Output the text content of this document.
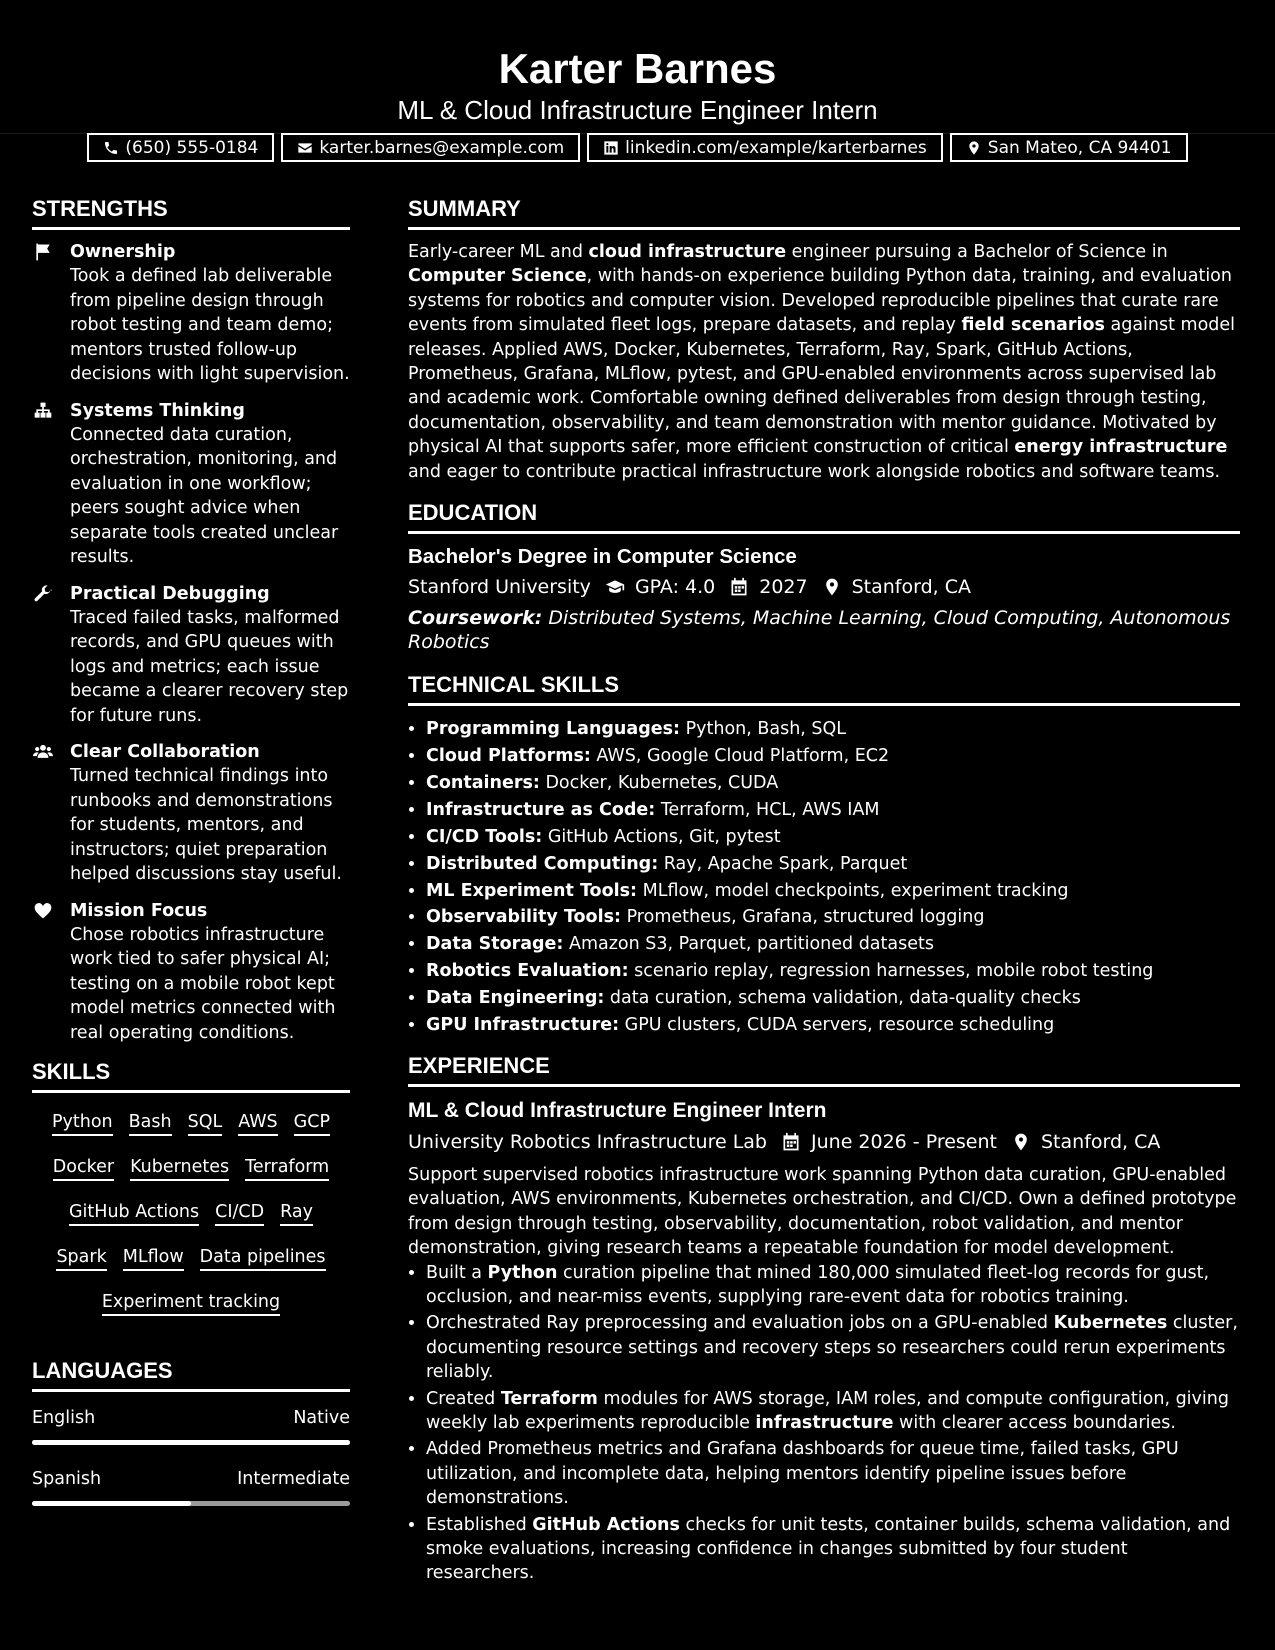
Karter Barnes
ML & Cloud Infrastructure Engineer Intern
(650) 555-0184	karter.barnes@example.com	linkedin.com/example/karterbarnes	San Mateo, CA 94401
STRENGTHS
Ownership
Took a defined lab deliverable from pipeline design through robot testing and team demo; mentors trusted follow-up decisions with light supervision.
Systems Thinking
Connected data curation, orchestration, monitoring, and evaluation in one workflow; peers sought advice when separate tools created unclear results.
Practical Debugging
Traced failed tasks, malformed records, and GPU queues with logs and metrics; each issue became a clearer recovery step for future runs.
Clear Collaboration
Turned technical findings into runbooks and demonstrations for students, mentors, and instructors; quiet preparation helped discussions stay useful.
Mission Focus
Chose robotics infrastructure work tied to safer physical AI; testing on a mobile robot kept model metrics connected with real operating conditions.
SKILLS
Python Bash SQL AWS GCP
Docker Kubernetes Terraform
GitHub Actions CI/CD Ray
Spark MLflow Data pipelines
Experiment tracking
LANGUAGES
English	Native
Spanish	Intermediate
SUMMARY
Early-career ML and cloud infrastructure engineer pursuing a Bachelor of Science in Computer Science, with hands-on experience building Python data, training, and evaluation systems for robotics and computer vision. Developed reproducible pipelines that curate rare events from simulated fleet logs, prepare datasets, and replay field scenarios against model releases. Applied AWS, Docker, Kubernetes, Terraform, Ray, Spark, GitHub Actions, Prometheus, Grafana, MLflow, pytest, and GPU-enabled environments across supervised lab and academic work. Comfortable owning defined deliverables from design through testing, documentation, observability, and team demonstration with mentor guidance. Motivated by physical AI that supports safer, more efficient construction of critical energy infrastructure and eager to contribute practical infrastructure work alongside robotics and software teams.
EDUCATION
Bachelor's Degree in Computer Science
Stanford University GPA: 4.0 2027 Stanford, CA
Coursework: Distributed Systems, Machine Learning, Cloud Computing, Autonomous Robotics
TECHNICAL SKILLS
• Programming Languages: Python, Bash, SQL
• Cloud Platforms: AWS, Google Cloud Platform, EC2
• Containers: Docker, Kubernetes, CUDA
• Infrastructure as Code: Terraform, HCL, AWS IAM
• CI/CD Tools: GitHub Actions, Git, pytest
• Distributed Computing: Ray, Apache Spark, Parquet
• ML Experiment Tools: MLflow, model checkpoints, experiment tracking
• Observability Tools: Prometheus, Grafana, structured logging
• Data Storage: Amazon S3, Parquet, partitioned datasets
• Robotics Evaluation: scenario replay, regression harnesses, mobile robot testing
• Data Engineering: data curation, schema validation, data-quality checks
• GPU Infrastructure: GPU clusters, CUDA servers, resource scheduling
EXPERIENCE
ML & Cloud Infrastructure Engineer Intern
University Robotics Infrastructure Lab June 2026 - Present Stanford, CA
Support supervised robotics infrastructure work spanning Python data curation, GPU-enabled evaluation, AWS environments, Kubernetes orchestration, and CI/CD. Own a defined prototype from design through testing, observability, documentation, robot validation, and mentor demonstration, giving research teams a repeatable foundation for model development.
• Built a Python curation pipeline that mined 180,000 simulated fleet-log records for gust, occlusion, and near-miss events, supplying rare-event data for robotics training.
• Orchestrated Ray preprocessing and evaluation jobs on a GPU-enabled Kubernetes cluster, documenting resource settings and recovery steps so researchers could rerun experiments reliably.
• Created Terraform modules for AWS storage, IAM roles, and compute configuration, giving weekly lab experiments reproducible infrastructure with clearer access boundaries.
• Added Prometheus metrics and Grafana dashboards for queue time, failed tasks, GPU utilization, and incomplete data, helping mentors identify pipeline issues before demonstrations.
• Established GitHub Actions checks for unit tests, container builds, schema validation, and smoke evaluations, increasing confidence in changes submitted by four student researchers.
